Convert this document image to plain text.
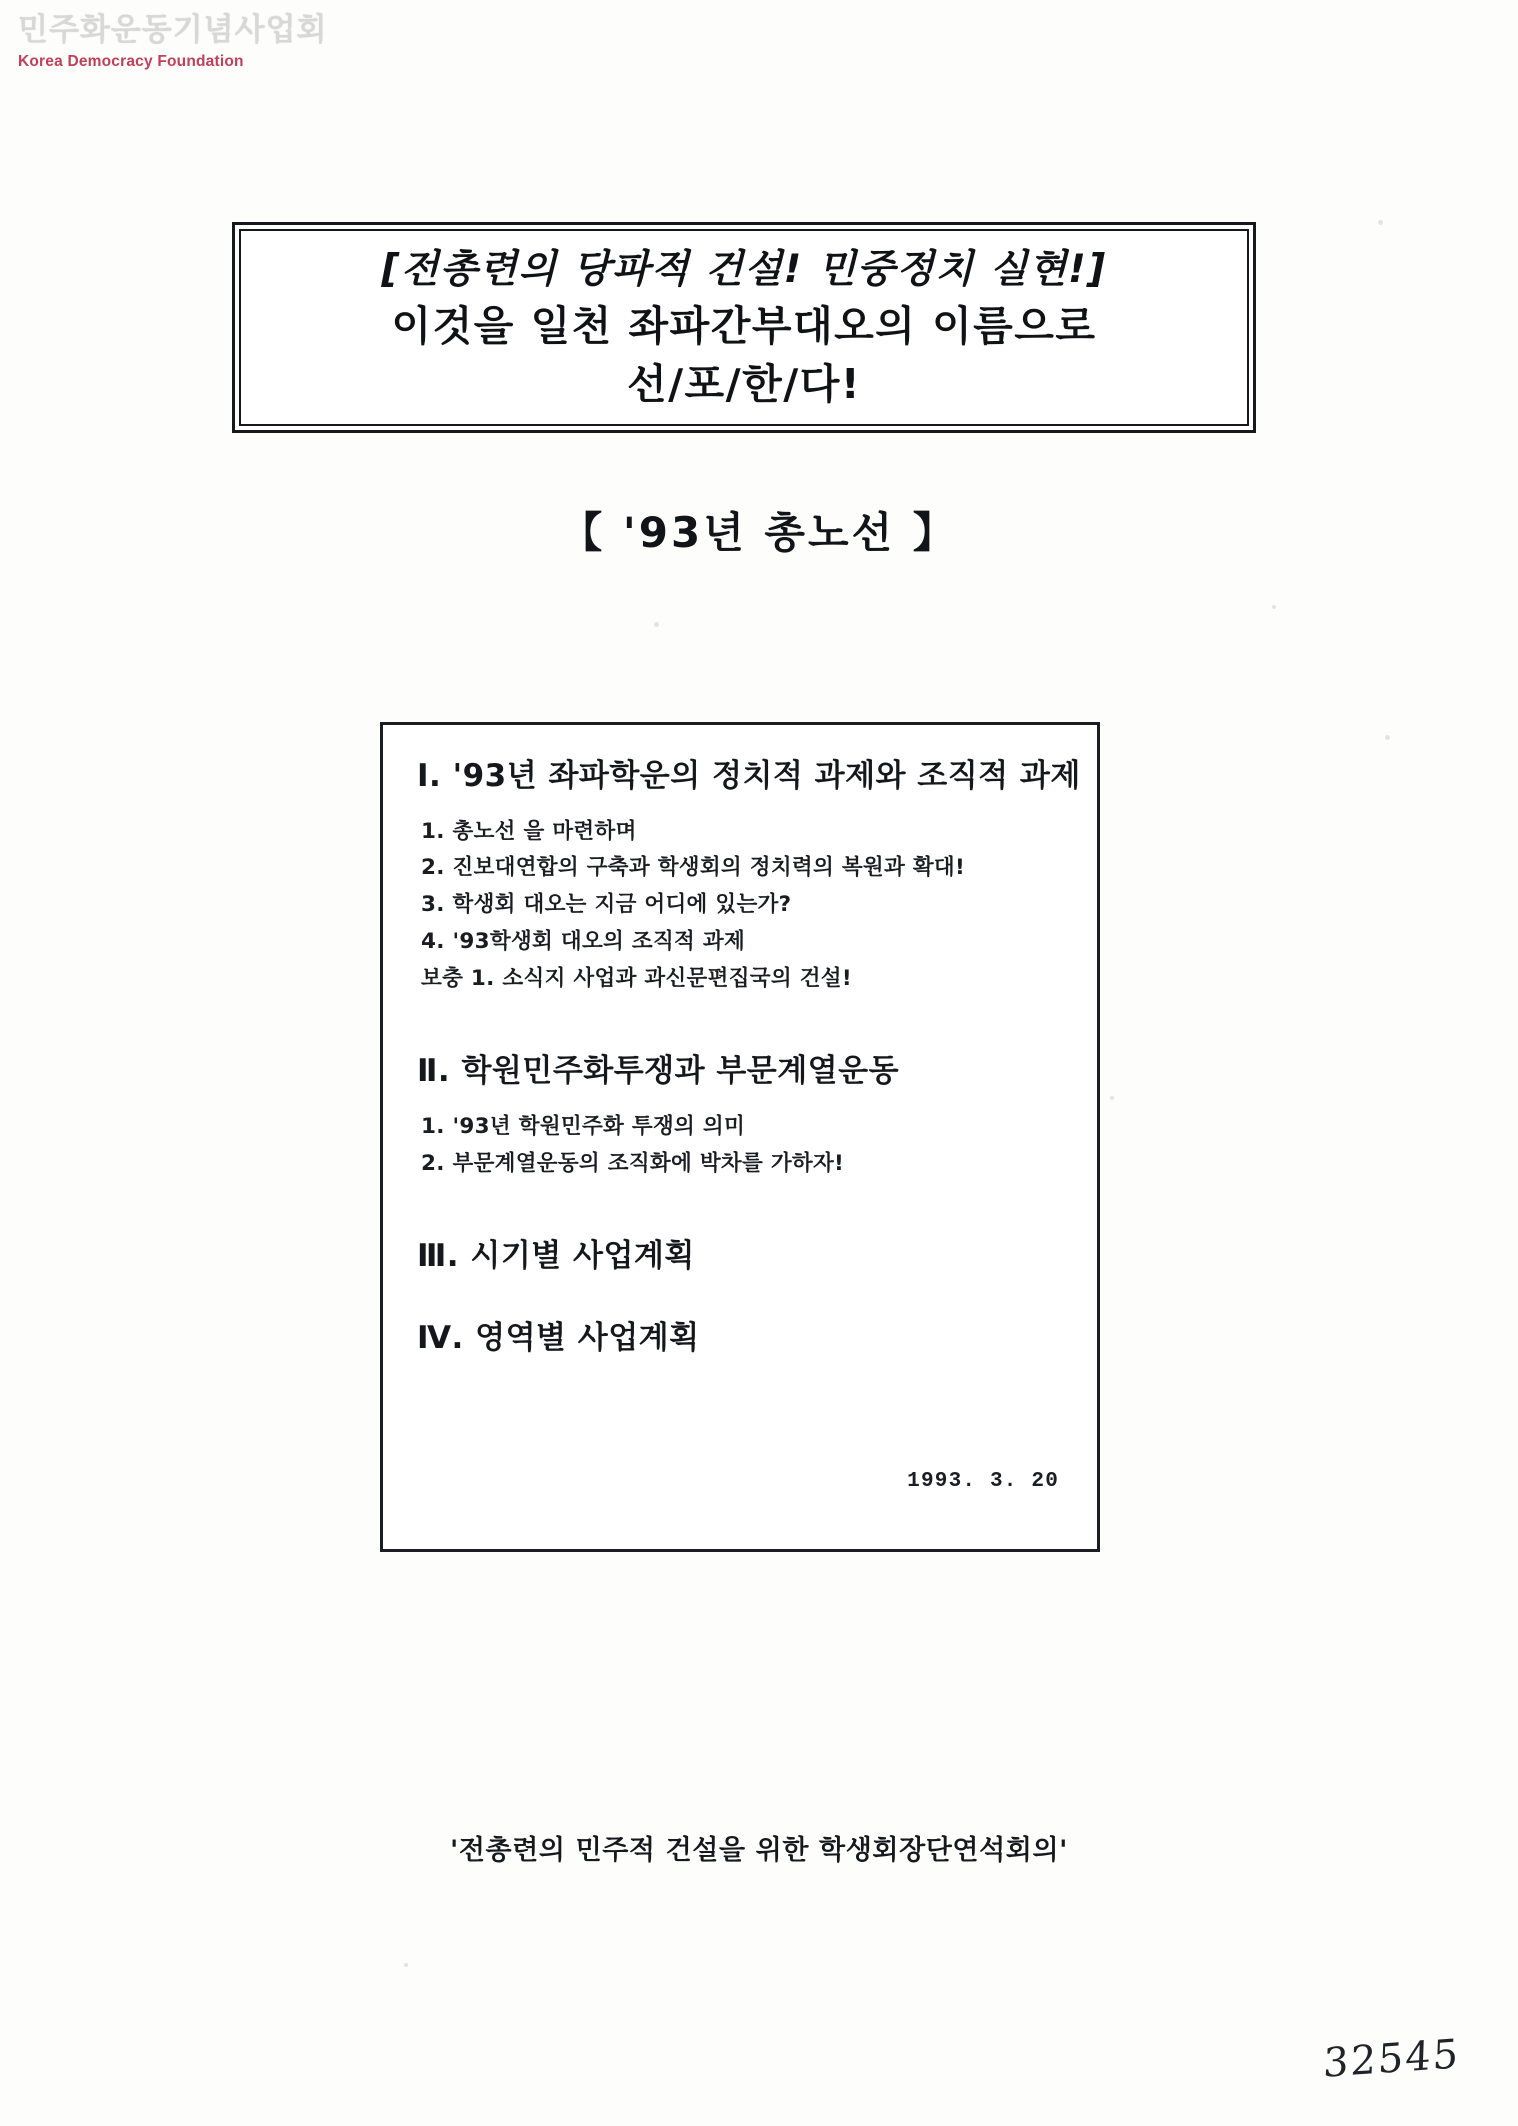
민주화운동기념사업회
Korea Democracy Foundation
[전총련의 당파적 건설! 민중정치 실현!]
이것을 일천 좌파간부대오의 이름으로
선/포/한/다!
【 '93년 총노선 】
Ⅰ. '93년 좌파학운의 정치적 과제와 조직적 과제
1. 총노선 을 마련하며
2. 진보대연합의 구축과 학생회의 정치력의 복원과 확대!
3. 학생회 대오는 지금 어디에 있는가?
4. '93학생회 대오의 조직적 과제
보충 1. 소식지 사업과 과신문편집국의 건설!
Ⅱ. 학원민주화투쟁과 부문계열운동
1. '93년 학원민주화 투쟁의 의미
2. 부문계열운동의 조직화에 박차를 가하자!
Ⅲ. 시기별 사업계획
Ⅳ. 영역별 사업계획
1993. 3. 20
'전총련의 민주적 건설을 위한 학생회장단연석회의'
32545
